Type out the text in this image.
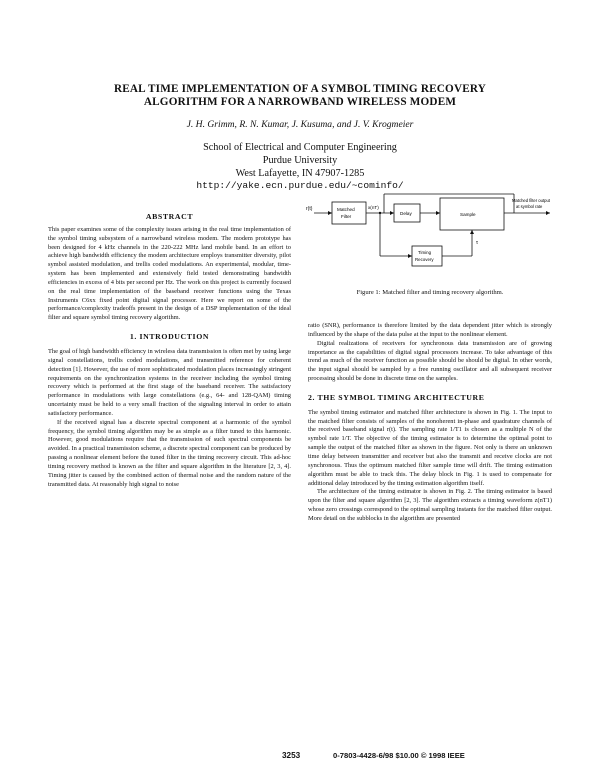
REAL TIME IMPLEMENTATION OF A SYMBOL TIMING RECOVERY
ALGORITHM FOR A NARROWBAND WIRELESS MODEM
J. H. Grimm, R. N. Kumar, J. Kusuma, and J. V. Krogmeier
School of Electrical and Computer Engineering
Purdue University
West Lafayette, IN 47907-1285
http://yake.ecn.purdue.edu/~cominfo/
ABSTRACT

This paper examines some of the complexity issues arising in the real time implementation of the symbol timing subsystem of a narrowband wireless modem. The modem prototype has been designed for 4 kHz channels in the 220-222 MHz land mobile band. In an effort to achieve high bandwidth efficiency the modem architecture employs transmitter diversity, pilot symbol assisted modulation, and trellis coded modulations. An experimental, modular, time-system has been implemented and extensively field tested demonstrating bandwidth efficiencies in excess of 4 bits per second per Hz. The work on this project is currently focused on the real time implementation of the baseband receiver functions using the Texas Instruments C6xx fixed point digital signal processor. Here we report on some of the performance/complexity tradeoffs present in the design of a DSP implementation of the ideal filter and square symbol timing recovery algorithm.

1. INTRODUCTION

The goal of high bandwidth efficiency in wireless data transmission is often met by using large signal constellations, trellis coded modulations, and transmitted reference for coherent detection [1]. However, the use of more sophisticated modulation places increasingly stringent requirements on the synchronization systems in the receiver including the symbol timing recovery which is performed at the first stage of the baseband receiver. The satisfactory performance in modulations with large constellations (e.g., 64- and 128-QAM) timing uncertainty must be held to a very small fraction of the signaling interval in order to attain satisfactory performance.

If the received signal has a discrete spectral component at a harmonic of the symbol frequency, the symbol timing algorithm may be as simple as a filter tuned to this harmonic. However, good modulations require that the transmission of such spectral components be avoided. In a practical transmission scheme, a discrete spectral component can be produced by passing a nonlinear element before the tuned filter in the timing recovery circuit. This ad-hoc timing recovery method is known as the filter and square algorithm in the literature [2, 3, 4]. Timing jitter is caused by the combined action of thermal noise and the random nature of the transmitted data. At reasonably high signal to noise

r(t)	Matched
Filter
x(nT)
Delay	Sample
Timing
Recovery
Matched filter output
at symbol rate
τ
Figure 1: Matched filter and timing recovery algorithm.

ratio (SNR), performance is therefore limited by the data dependent jitter which is strongly influenced by the shape of the data pulse at the input to the nonlinear element.

Digital realizations of receivers for synchronous data transmission are of growing importance as the capabilities of digital signal processors increase. To take advantage of this trend as much of the receiver function as possible should be should be digital. In other words, the input signal should be sampled by a free running oscillator and all subsequent receiver processing should be done in discrete time on the samples.

2. THE SYMBOL TIMING ARCHITECTURE

The symbol timing estimator and matched filter architecture is shown in Fig. 1. The input to the matched filter consists of samples of the nonoherent in-phase and quadrature channels of the received baseband signal r(t). The sampling rate 1/T1 is chosen as a multiple N of the symbol rate 1/T. The objective of the timing estimator is to determine the optimal point to sample the output of the matched filter as shown in the figure. Not only is there an unknown time delay between transmitter and receiver but also the transmit and receive clocks are not synchronous. Thus the optimum matched filter sample time will drift. The timing estimation algorithm must be able to track this. The delay block in Fig. 1 is used to compensate for additional delay introduced by the timing estimation algorithm itself.

The architecture of the timing estimator is shown in Fig. 2. The timing estimator is based upon the filter and square algorithm [2, 3]. The algorithm extracts a timing waveform z(nT1) whose zero crossings correspond to the optimal sampling instants for the matched filter output. More detail on the subblocks in the algorithm are presented

3253	0-7803-4428-6/98 $10.00 © 1998 IEEE
